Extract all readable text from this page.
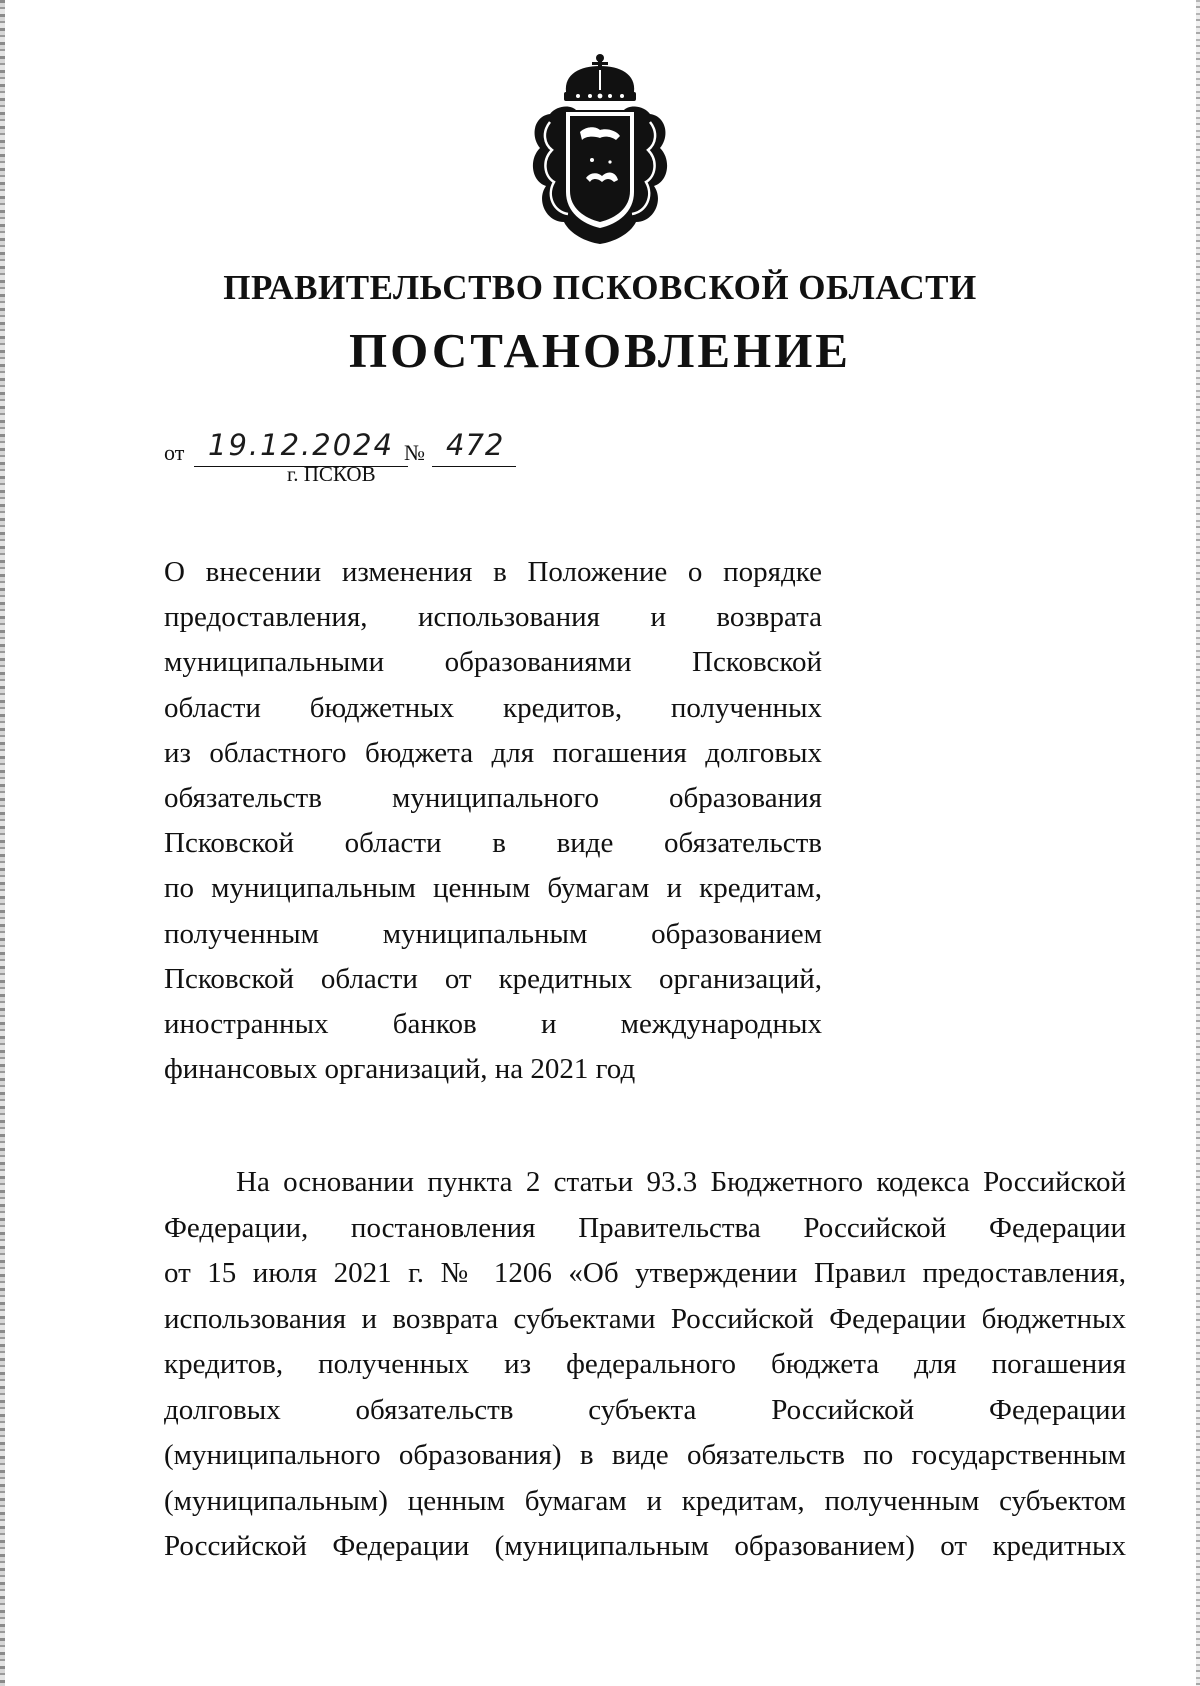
ПРАВИТЕЛЬСТВО ПСКОВСКОЙ ОБЛАСТИ
ПОСТАНОВЛЕНИЕ
от 19.12.2024 № 472
г. ПСКОВ
О внесении изменения в Положение о порядке
предоставления, использования и возврата
муниципальными образованиями Псковской
области бюджетных кредитов, полученных
из областного бюджета для погашения долговых
обязательств муниципального образования
Псковской области в виде обязательств
по муниципальным ценным бумагам и кредитам,
полученным муниципальным образованием
Псковской области от кредитных организаций,
иностранных банков и международных
финансовых организаций, на 2021 год
На основании пункта 2 статьи 93.3 Бюджетного кодекса Российской
Федерации, постановления Правительства Российской Федерации
от 15 июля 2021 г. № 1206 «Об утверждении Правил предоставления,
использования и возврата субъектами Российской Федерации бюджетных
кредитов, полученных из федерального бюджета для погашения
долговых обязательств субъекта Российской Федерации
(муниципального образования) в виде обязательств по государственным
(муниципальным) ценным бумагам и кредитам, полученным субъектом
Российской Федерации (муниципальным образованием) от кредитных
